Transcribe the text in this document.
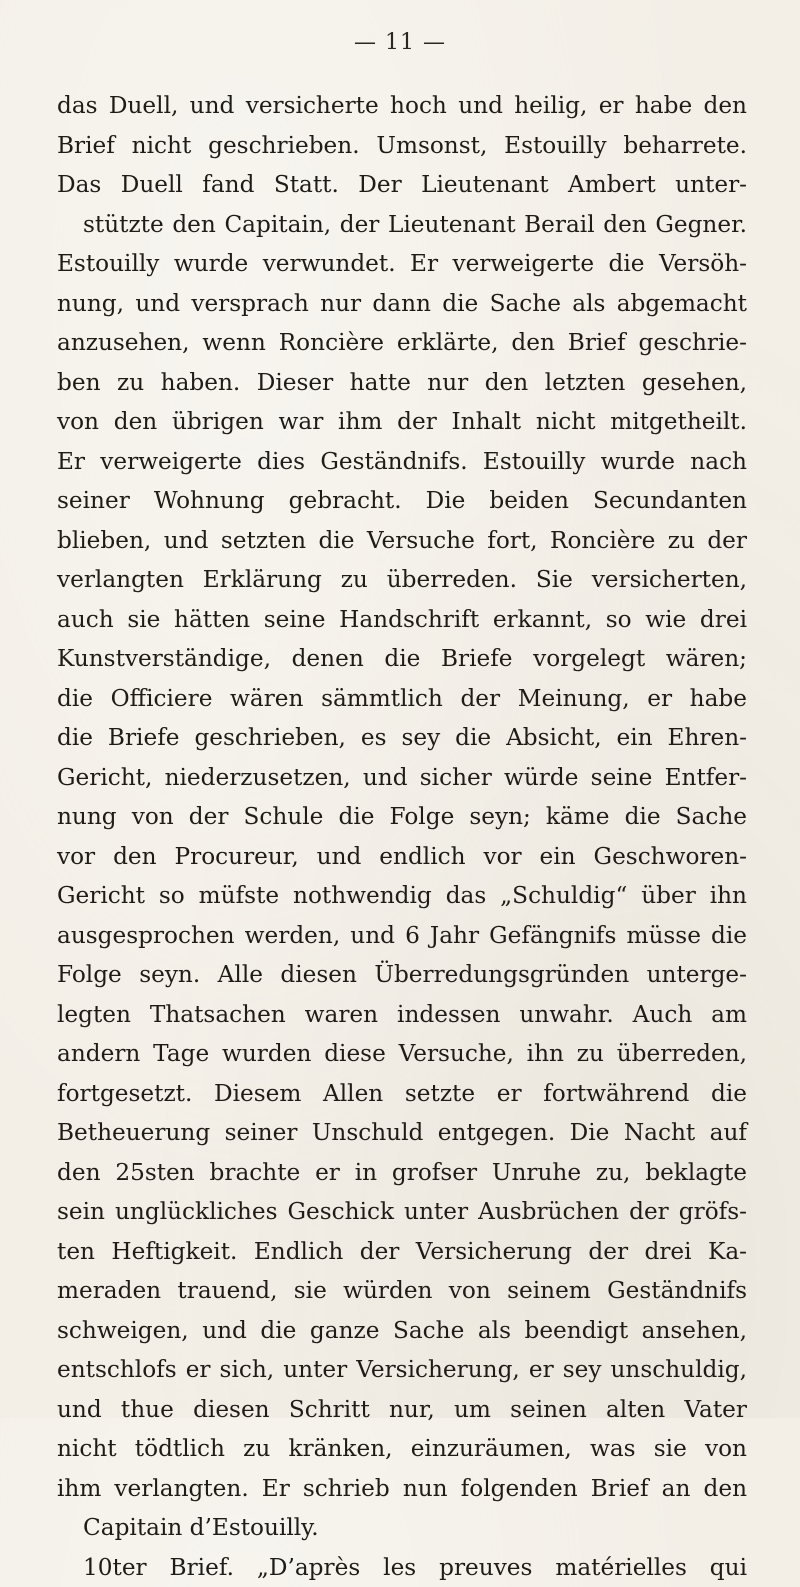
— 11 —
das Duell, und versicherte hoch und heilig, er habe den
Brief nicht geschrieben. Umsonst, Estouilly beharrete.
Das Duell fand Statt. Der Lieutenant Ambert unter-
stützte den Capitain, der Lieutenant Berail den Gegner.
Estouilly wurde verwundet. Er verweigerte die Versöh-
nung, und versprach nur dann die Sache als abgemacht
anzusehen, wenn Roncière erklärte, den Brief geschrie-
ben zu haben. Dieser hatte nur den letzten gesehen,
von den übrigen war ihm der Inhalt nicht mitgetheilt.
Er verweigerte dies Geständnifs. Estouilly wurde nach
seiner Wohnung gebracht. Die beiden Secundanten
blieben, und setzten die Versuche fort, Roncière zu der
verlangten Erklärung zu überreden. Sie versicherten,
auch sie hätten seine Handschrift erkannt, so wie drei
Kunstverständige, denen die Briefe vorgelegt wären;
die Officiere wären sämmtlich der Meinung, er habe
die Briefe geschrieben, es sey die Absicht, ein Ehren-
Gericht, niederzusetzen, und sicher würde seine Entfer-
nung von der Schule die Folge seyn; käme die Sache
vor den Procureur, und endlich vor ein Geschworen-
Gericht so müfste nothwendig das „Schuldig“ über ihn
ausgesprochen werden, und 6 Jahr Gefängnifs müsse die
Folge seyn. Alle diesen Überredungsgründen unterge-
legten Thatsachen waren indessen unwahr. Auch am
andern Tage wurden diese Versuche, ihn zu überreden,
fortgesetzt. Diesem Allen setzte er fortwährend die
Betheuerung seiner Unschuld entgegen. Die Nacht auf
den 25sten brachte er in grofser Unruhe zu, beklagte
sein unglückliches Geschick unter Ausbrüchen der gröfs-
ten Heftigkeit. Endlich der Versicherung der drei Ka-
meraden trauend, sie würden von seinem Geständnifs
schweigen, und die ganze Sache als beendigt ansehen,
entschlofs er sich, unter Versicherung, er sey unschuldig,
und thue diesen Schritt nur, um seinen alten Vater
nicht tödtlich zu kränken, einzuräumen, was sie von
ihm verlangten. Er schrieb nun folgenden Brief an den
Capitain d’Estouilly.
10ter Brief. „D’après les preuves matérielles qui
